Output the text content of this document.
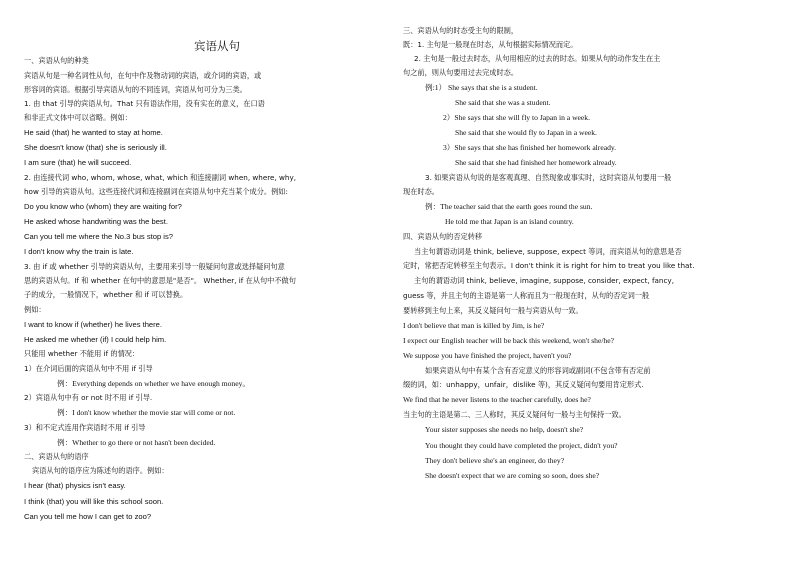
宾语从句
一、宾语从句的种类
宾语从句是一种名词性从句，在句中作及物动词的宾语，或介词的宾语，或
形容词的宾语。根据引导宾语从句的不同连词，宾语从句可分为三类。
1. 由 that 引导的宾语从句。That 只有语法作用，没有实在的意义，在口语
和非正式文体中可以省略。例如：
He said (that) he wanted to stay at home.
She doesn't know (that) she is seriously ill.
I am sure (that) he will succeed.
2. 由连接代词 who, whom, whose, what, which 和连接副词 when, where, why,
how 引导的宾语从句。这些连接代词和连接副词在宾语从句中充当某个成分。例如:
Do you know who (whom) they are waiting for?
He asked whose handwriting was the best.
Can you tell me where the No.3 bus stop is?
I don't know why the train is late.
3. 由 if 或 whether 引导的宾语从句，主要用来引导一般疑问句意或选择疑问句意
思的宾语从句。If 和 whether 在句中的意思是"是否"。 Whether, if 在从句中不做句
子的成分，一般情况下，whether 和 if 可以替换。
例如：
I want to know if (whether) he lives there.
He asked me whether (if) I could help him.
只能用 whether 不能用 if 的情况：
1）在介词后面的宾语从句中不用 if 引导
例：Everything depends on whether we have enough money。
2）宾语从句中有 or not 时不用 if 引导.
例：I don't know whether the movie star will come or not.
3）和不定式连用作宾语时不用 if 引导
例：Whether to go there or not hasn't been decided.
二、宾语从句的语序
宾语从句的语序应为陈述句的语序。例如：
I hear (that) physics isn't easy.
I think (that) you will like this school soon.
Can you tell me how I can get to zoo?
三、宾语从句的时态受主句的限制，
既：1. 主句是一般现在时态，从句根据实际情况而定。
2. 主句是一般过去时态，从句用相应的过去的时态。如果从句的动作发生在主
句之前，则从句要用过去完成时态。
例:1） She says that she is a student.
She said that she was a student.
2）She says that she will fly to Japan in a week.
She said that she would fly to Japan in a week.
3）She says that she has finished her homework already.
She said that she had finished her homework already.
3. 如果宾语从句说的是客观真理、自然现象或事实时，这时宾语从句要用一般
现在时态。
例：The teacher said that the earth goes round the sun.
He told me that Japan is an island country.
四、宾语从句的否定转移
当主句谓语动词是 think, believe, suppose, expect 等词，而宾语从句的意思是否
定时，常把否定转移至主句表示。I don't think it is right for him to treat you like that.
主句的谓语动词 think, believe, imagine, suppose, consider, expect, fancy,
guess 等，并且主句的主语是第一人称而且为一般现在时，从句的否定词一般
要转移到主句上来，其反义疑问句一般与宾语从句一致。
I don't believe that man is killed by Jim, is he?
I expect our English teacher will be back this weekend, won't she/he?
We suppose you have finished the project, haven't you?
如果宾语从句中有某个含有否定意义的形容词或副词(不包含带有否定前
缀的词，如：unhappy，unfair，dislike 等)，其反义疑问句要用肯定形式.
We find that he never listens to the teacher carefully, does he?
当主句的主语是第二、三人称时，其反义疑问句一般与主句保持一致。
Your sister supposes she needs no help, doesn't she?
You thought they could have completed the project, didn't you?
They don't believe she's an engineer, do they?
She doesn't expect that we are coming so soon, does she?
